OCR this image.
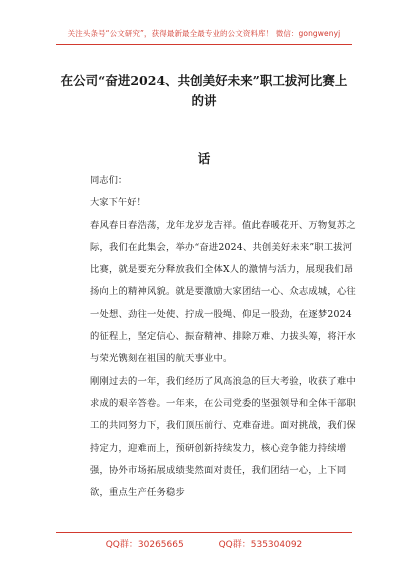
关注头条号“公文研究”，获得最新最全最专业的公文资料库！ 微信：gongwenyj
在公司“奋进2024、共创美好未来”职工拔河比赛上的讲
话

同志们：

大家下午好！

春风春日春浩荡，龙年龙岁龙吉祥。值此春暖花开、万物复苏之际，我们在此集会，举办“奋进2024、共创美好未来”职工拔河比赛，就是要充分释放我们全体X人的激情与活力，展现我们昂扬向上的精神风貌。就是要激励大家团结一心、众志成城，心往一处想、劲往一处使、拧成一股绳、仰足一股劲，在逐梦2024的征程上，坚定信心、振奋精神、排除万难、力拔头筹，将汗水与荣光镌刻在祖国的航天事业中。

刚刚过去的一年，我们经历了风高浪急的巨大考验，收获了难中求成的艰辛答卷。一年来，在公司党委的坚强领导和全体干部职工的共同努力下，我们顶压前行、克难奋进。面对挑战，我们保持定力，迎难而上，预研创新持续发力，核心竞争能力持续增强，协外市场拓展成绩斐然面对责任，我们团结一心，上下同欲，重点生产任务稳步

QQ群：30265665	QQ群：535304092
